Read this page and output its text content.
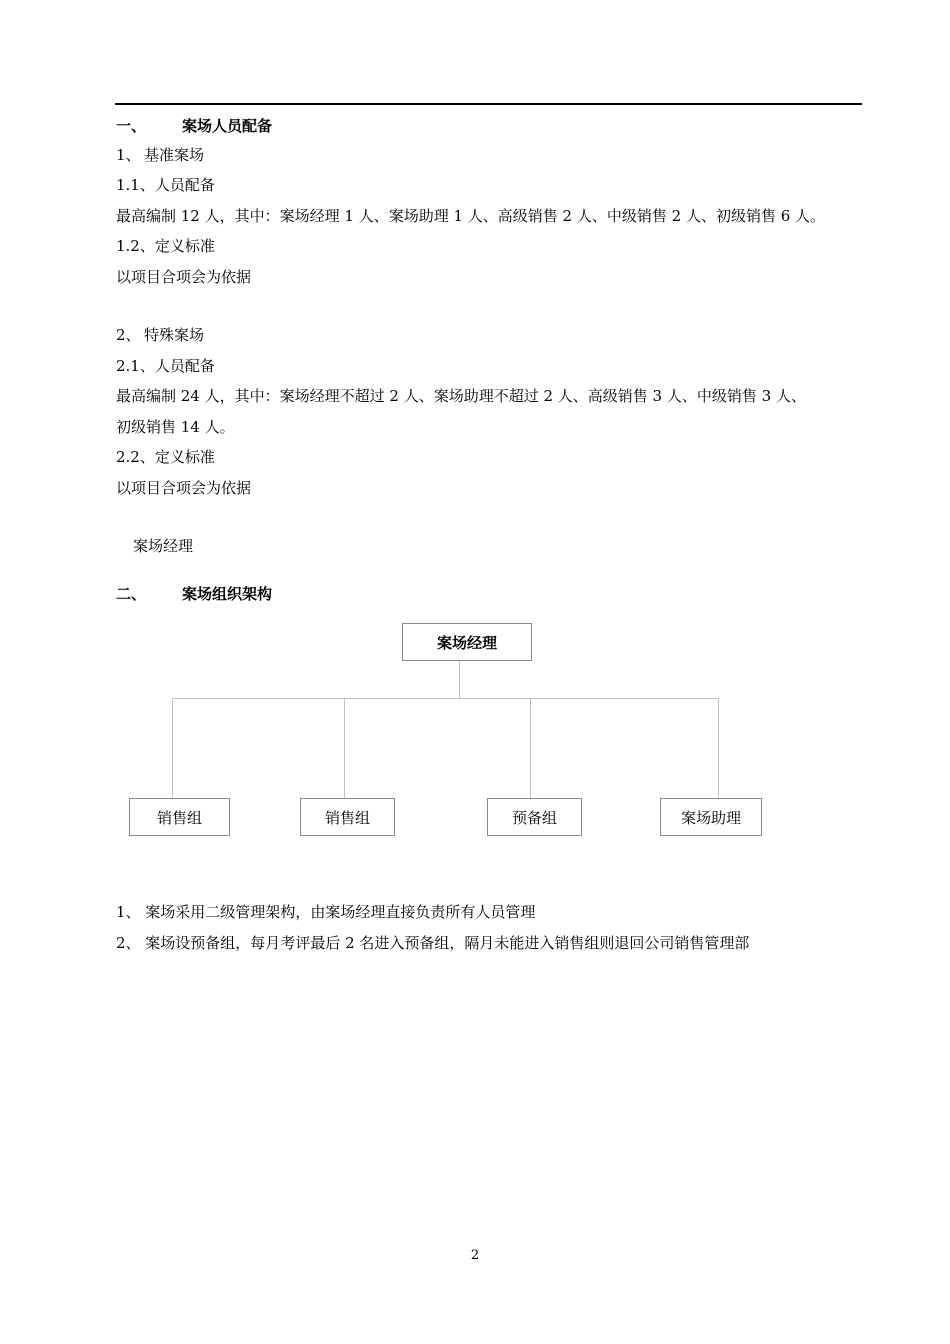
一、 案场人员配备
1、 基准案场
1.1、人员配备
最高编制 12 人，其中：案场经理 1 人、案场助理 1 人、高级销售 2 人、中级销售 2 人、初级销售 6 人。
1.2、定义标准
以项目合项会为依据
2、 特殊案场
2.1、人员配备
最高编制 24 人，其中：案场经理不超过 2 人、案场助理不超过 2 人、高级销售 3 人、中级销售 3 人、
初级销售 14 人。
2.2、定义标准
以项目合项会为依据
案场经理
二、 案场组织架构
案场经理
销售组	销售组	预备组	案场助理
1、 案场采用二级管理架构，由案场经理直接负责所有人员管理
2、 案场设预备组，每月考评最后 2 名进入预备组，隔月未能进入销售组则退回公司销售管理部
2
